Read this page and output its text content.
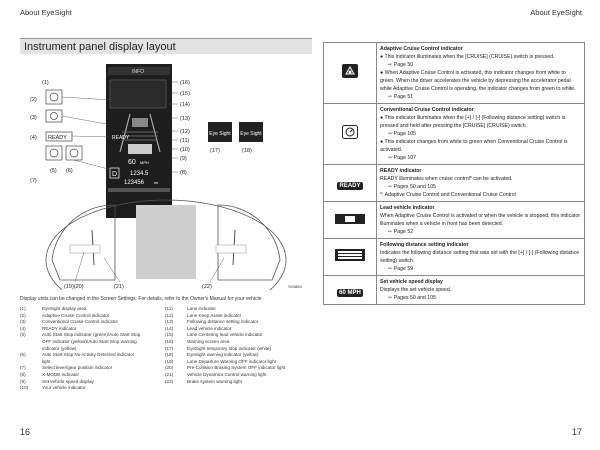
About EyeSight	About EyeSight
Instrument panel display layout
INFO
READY
60 MPH
D 1234.5
123456 mi
READY
(1)
(2)
(3)
(4)
(5) (6)
(7)
(16)
(15)
(14)
(13)
(12)
(11)
(10)
(9)
(8)
Eye Sight Eye Sight
(17)	(18)
(19)(20)	(21)	(22)	S03869
Display units can be changed in the Screen Settings. For details, refer to the Owner's Manual for your vehicle
(1)	EyeSight display area
(2)	Adaptive Cruise Control indicator
(3)	Conventional Cruise Control indicator
(4)	READY indicator
(5)	Auto Start Stop indicator (green)/Auto Start Stop
OFF indicator (yellow)/Auto Start Stop warning
indicator (yellow)
(6)	Auto Start Stop No Activity Detected indicator
light
(7)	Select lever/gear position indicator
(8)	X-MODE indicator
(9)	Set vehicle speed display
(10)	Your vehicle indicator
(11)	Lane indicator
(12)	Lane Keep Assist indicator
(13)	Following distance setting indicator
(14)	Lead vehicle indicator
(15)	Lane Centering lead vehicle indicator
(16)	Warning screen area
(17)	EyeSight temporary stop indicator (white)
(18)	EyeSight warning indicator (yellow)
(19)	Lane Departure Warning OFF indicator light
(20)	Pre-Collision Braking System OFF indicator light
(21)	Vehicle Dynamics Control warning light
(22)	Brake system warning light

Adaptive Cruise Control indicator
● This indicator illuminates when the [CRUISE] (CRUISE) switch is pressed.
⇨ Page 50
● When Adaptive Cruise Control is activated, this indicator changes from white to green. When the driver accelerates the vehicle by depressing the accelerator pedal while Adaptive Cruise Control is operating, the indicator changes from green to white.
⇨ Page 51

Conventional Cruise Control indicator
● This indicator illuminates when the [+] / [-] (Following distance setting) switch is pressed and held after pressing the [CRUISE] (CRUISE) switch.
⇨ Page 105
● This indicator changes from white to green when Conventional Cruise Control is activated.
⇨ Page 107

READY	READY indicator
READY illuminates when cruise control* can be activated.
⇨ Pages 50 and 105
*: Adaptive Cruise Control and Conventional Cruise Control

Lead vehicle indicator
When Adaptive Cruise Control is activated or when the vehicle is stopped, this indicator illuminates when a vehicle in front has been detected.
⇨ Page 52

Following distance setting indicator
Indicates the following distance setting that was set with the [+] / [-] (Following distance setting) switch.
⇨ Page 59

60 MPH	Set vehicle speed display
Displays the set vehicle speed.
⇨ Pages 50 and 105
16	17
